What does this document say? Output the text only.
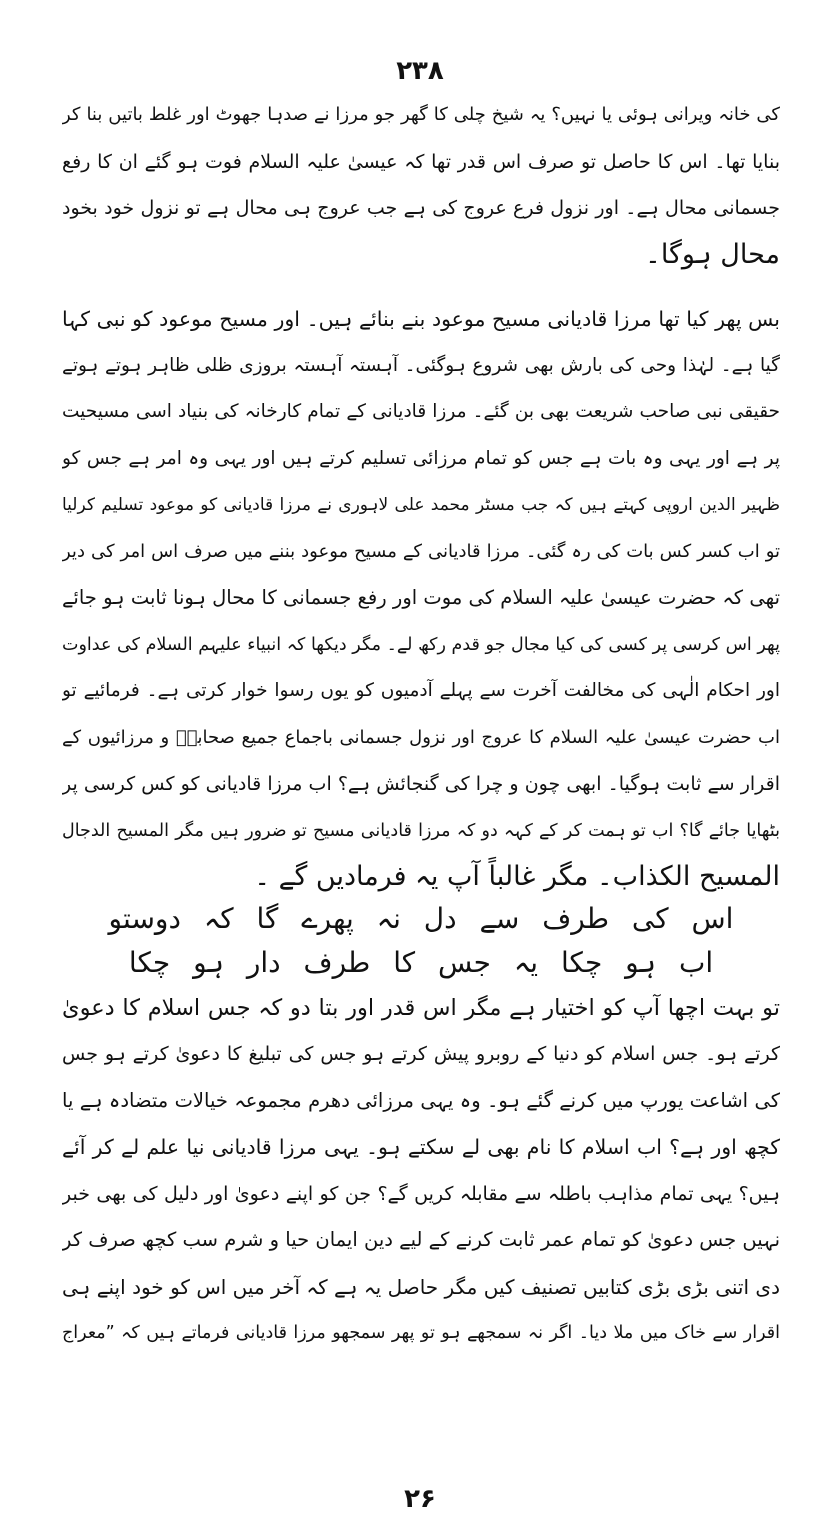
۲۳۸
کی خانہ ویرانی ہوئی یا نہیں؟ یہ شیخ چلی کا گھر جو مرزا نے صدہا جھوٹ اور غلط باتیں بنا کر
بنایا تھا۔ اس کا حاصل تو صرف اس قدر تھا کہ عیسیٰ علیہ السلام فوت ہو گئے ان کا رفع
جسمانی محال ہے۔ اور نزول فرع عروج کی ہے جب عروج ہی محال ہے تو نزول خود بخود
محال ہوگا۔
بس پھر کیا تھا مرزا قادیانی مسیح موعود بنے بنائے ہیں۔ اور مسیح موعود کو نبی کہا
گیا ہے۔ لہٰذا وحی کی بارش بھی شروع ہوگئی۔ آہستہ آہستہ بروزی ظلی ظاہر ہوتے ہوتے
حقیقی نبی صاحب شریعت بھی بن گئے۔ مرزا قادیانی کے تمام کارخانہ کی بنیاد اسی مسیحیت
پر ہے اور یہی وہ بات ہے جس کو تمام مرزائی تسلیم کرتے ہیں اور یہی وہ امر ہے جس کو
ظہیر الدین اروپی کہتے ہیں کہ جب مسٹر محمد علی لاہوری نے مرزا قادیانی کو موعود تسلیم کرلیا
تو اب کسر کس بات کی رہ گئی۔ مرزا قادیانی کے مسیح موعود بننے میں صرف اس امر کی دیر
تھی کہ حضرت عیسیٰ علیہ السلام کی موت اور رفع جسمانی کا محال ہونا ثابت ہو جائے
پھر اس کرسی پر کسی کی کیا مجال جو قدم رکھ لے۔ مگر دیکھا کہ انبیاء علیہم السلام کی عداوت
اور احکام الٰہی کی مخالفت آخرت سے پہلے آدمیوں کو یوں رسوا خوار کرتی ہے۔ فرمائیے تو
اب حضرت عیسیٰ علیہ السلام کا عروج اور نزول جسمانی باجماع جمیع صحابہؓ و مرزائیوں کے
اقرار سے ثابت ہوگیا۔ ابھی چون و چرا کی گنجائش ہے؟ اب مرزا قادیانی کو کس کرسی پر
بٹھایا جائے گا؟ اب تو ہمت کر کے کہہ دو کہ مرزا قادیانی مسیح تو ضرور ہیں مگر المسیح الدجال
المسیح الکذاب۔ مگر غالباً آپ یہ فرمادیں گے ۔
اس کی طرف سے دل نہ پھرے گا کہ دوستو
اب ہو چکا یہ جس کا طرف دار ہو چکا
تو بہت اچھا آپ کو اختیار ہے مگر اس قدر اور بتا دو کہ جس اسلام کا دعویٰ
کرتے ہو۔ جس اسلام کو دنیا کے روبرو پیش کرتے ہو جس کی تبلیغ کا دعویٰ کرتے ہو جس
کی اشاعت یورپ میں کرنے گئے ہو۔ وہ یہی مرزائی دھرم مجموعہ خیالات متضادہ ہے یا
کچھ اور ہے؟ اب اسلام کا نام بھی لے سکتے ہو۔ یہی مرزا قادیانی نیا علم لے کر آئے
ہیں؟ یہی تمام مذاہب باطلہ سے مقابلہ کریں گے؟ جن کو اپنے دعویٰ اور دلیل کی بھی خبر
نہیں جس دعویٰ کو تمام عمر ثابت کرنے کے لیے دین ایمان حیا و شرم سب کچھ صرف کر
دی اتنی بڑی بڑی کتابیں تصنیف کیں مگر حاصل یہ ہے کہ آخر میں اس کو خود اپنے ہی
اقرار سے خاک میں ملا دیا۔ اگر نہ سمجھے ہو تو پھر سمجھو مرزا قادیانی فرماتے ہیں کہ ”معراج
۲۶
